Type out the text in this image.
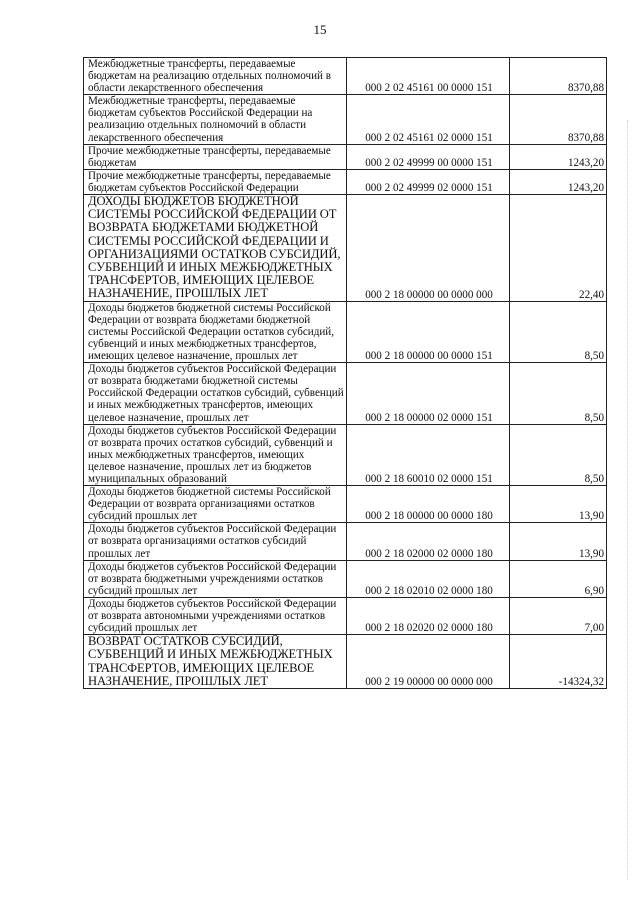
15
Межбюджетные трансферты, передаваемые бюджетам на реализацию отдельных полномочий в области лекарственного обеспечения	000 2 02 45161 00 0000 151	8370,88
Межбюджетные трансферты, передаваемые бюджетам субъектов Российской Федерации на реализацию отдельных полномочий в области лекарственного обеспечения	000 2 02 45161 02 0000 151	8370,88
Прочие межбюджетные трансферты, передаваемые бюджетам	000 2 02 49999 00 0000 151	1243,20
Прочие межбюджетные трансферты, передаваемые бюджетам субъектов Российской Федерации	000 2 02 49999 02 0000 151	1243,20
ДОХОДЫ БЮДЖЕТОВ БЮДЖЕТНОЙ СИСТЕМЫ РОССИЙСКОЙ ФЕДЕРАЦИИ ОТ ВОЗВРАТА БЮДЖЕТАМИ БЮДЖЕТНОЙ СИСТЕМЫ РОССИЙСКОЙ ФЕДЕРАЦИИ И ОРГАНИЗАЦИЯМИ ОСТАТКОВ СУБСИДИЙ, СУБВЕНЦИЙ И ИНЫХ МЕЖБЮДЖЕТНЫХ ТРАНСФЕРТОВ, ИМЕЮЩИХ ЦЕЛЕВОЕ НАЗНАЧЕНИЕ, ПРОШЛЫХ ЛЕТ	000 2 18 00000 00 0000 000	22,40
Доходы бюджетов бюджетной системы Российской Федерации от возврата бюджетами бюджетной системы Российской Федерации остатков субсидий, субвенций и иных межбюджетных трансфертов, имеющих целевое назначение, прошлых лет	000 2 18 00000 00 0000 151	8,50
Доходы бюджетов субъектов Российской Федерации от возврата бюджетами бюджетной системы Российской Федерации остатков субсидий, субвенций и иных межбюджетных трансфертов, имеющих целевое назначение, прошлых лет	000 2 18 00000 02 0000 151	8,50
Доходы бюджетов субъектов Российской Федерации от возврата прочих остатков субсидий, субвенций и иных межбюджетных трансфертов, имеющих целевое назначение, прошлых лет из бюджетов муниципальных образований	000 2 18 60010 02 0000 151	8,50
Доходы бюджетов бюджетной системы Российской Федерации от возврата организациями остатков субсидий прошлых лет	000 2 18 00000 00 0000 180	13,90
Доходы бюджетов субъектов Российской Федерации от возврата организациями остатков субсидий прошлых лет	000 2 18 02000 02 0000 180	13,90
Доходы бюджетов субъектов Российской Федерации от возврата бюджетными учреждениями остатков субсидий прошлых лет	000 2 18 02010 02 0000 180	6,90
Доходы бюджетов субъектов Российской Федерации от возврата автономными учреждениями остатков субсидий прошлых лет	000 2 18 02020 02 0000 180	7,00
ВОЗВРАТ ОСТАТКОВ СУБСИДИЙ, СУБВЕНЦИЙ И ИНЫХ МЕЖБЮДЖЕТНЫХ ТРАНСФЕРТОВ, ИМЕЮЩИХ ЦЕЛЕВОЕ НАЗНАЧЕНИЕ, ПРОШЛЫХ ЛЕТ	000 2 19 00000 00 0000 000	-14324,32
